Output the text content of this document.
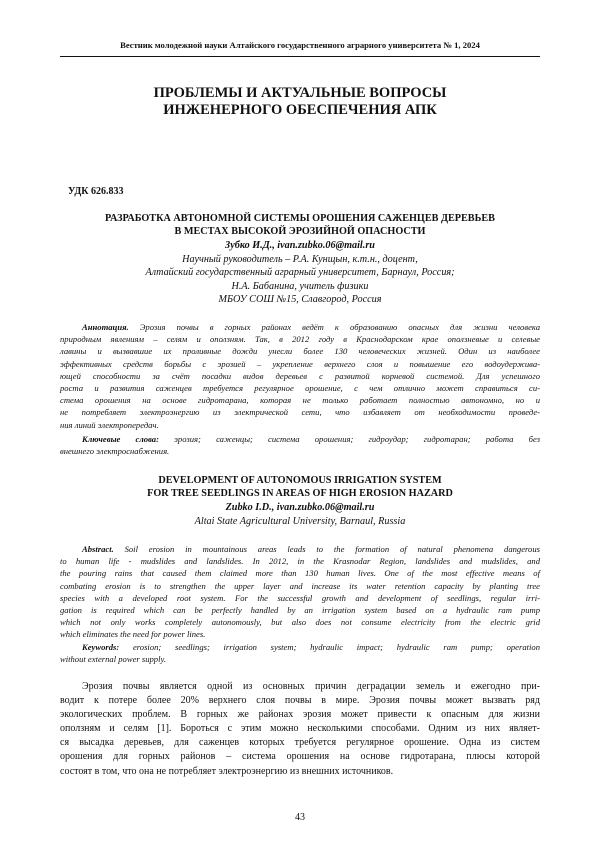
Вестник молодежной науки Алтайского государственного аграрного университета № 1, 2024
ПРОБЛЕМЫ И АКТУАЛЬНЫЕ ВОПРОСЫ
ИНЖЕНЕРНОГО ОБЕСПЕЧЕНИЯ АПК
УДК 626.833
РАЗРАБОТКА АВТОНОМНОЙ СИСТЕМЫ ОРОШЕНИЯ САЖЕНЦЕВ ДЕРЕВЬЕВ
В МЕСТАХ ВЫСОКОЙ ЭРОЗИЙНОЙ ОПАСНОСТИ
Зубко И.Д., ivan.zubko.06@mail.ru
Научный руководитель – Р.А. Кунщын, к.т.н., доцент,
Алтайский государственный аграрный университет, Барнаул, Россия;
Н.А. Бабанина, учитель физики
МБОУ СОШ №15, Славгород, Россия
Аннотация. Эрозия почвы в горных районах ведёт к образованию опасных для жизни человека
природным явлениям – селям и оползням. Так, в 2012 году в Краснодарском крае оползневые и селевые
лавины и вызвавшие их проливные дожди унесли более 130 человеческих жизней. Один из наиболее
эффективных средств борьбы с эрозией – укрепление верхнего слоя и повышение его водоудержива-
ющей способности за счёт посадки видов деревьев с развитой корневой системой. Для успешного
роста и развития саженцев требуется регулярное орошение, с чем отлично может справиться си-
стема орошения на основе гидротарана, которая не только работает полностью автономно, но и
не потребляет электроэнергию из электрической сети, что избавляет от необходимости проведе-
ния линий электропередач.
Ключевые слова: эрозия; саженцы; система орошения; гидроудар; гидротаран; работа без
внешнего электроснабжения.
DEVELOPMENT OF AUTONOMOUS IRRIGATION SYSTEM
FOR TREE SEEDLINGS IN AREAS OF HIGH EROSION HAZARD
Zubko I.D., ivan.zubko.06@mail.ru
Altai State Agricultural University, Barnaul, Russia
Abstract. Soil erosion in mountainous areas leads to the formation of natural phenomena dangerous
to human life - mudslides and landslides. In 2012, in the Krasnodar Region, landslides and mudslides, and
the pouring rains that caused them claimed more than 130 human lives. One of the most effective means of
combating erosion is to strengthen the upper layer and increase its water retention capacity by planting tree
species with a developed root system. For the successful growth and development of seedlings, regular irri-
gation is required which can be perfectly handled by an irrigation system based on a hydraulic ram pump
which not only works completely autonomously, but also does not consume electricity from the electric grid
which eliminates the need for power lines.
Keywords: erosion; seedlings; irrigation system; hydraulic impact; hydraulic ram pump; operation
without external power supply.
Эрозия почвы является одной из основных причин деградации земель и ежегодно при-
водит к потере более 20% верхнего слоя почвы в мире. Эрозия почвы может вызвать ряд
экологических проблем. В горных же районах эрозия может привести к опасным для жизни
оползням и селям [1]. Бороться с этим можно несколькими способами. Одним из них являет-
ся высадка деревьев, для саженцев которых требуется регулярное орошение. Одна из систем
орошения для горных районов – система орошения на основе гидротарана, плюсы которой
состоят в том, что она не потребляет электроэнергию из внешних источников.
43
